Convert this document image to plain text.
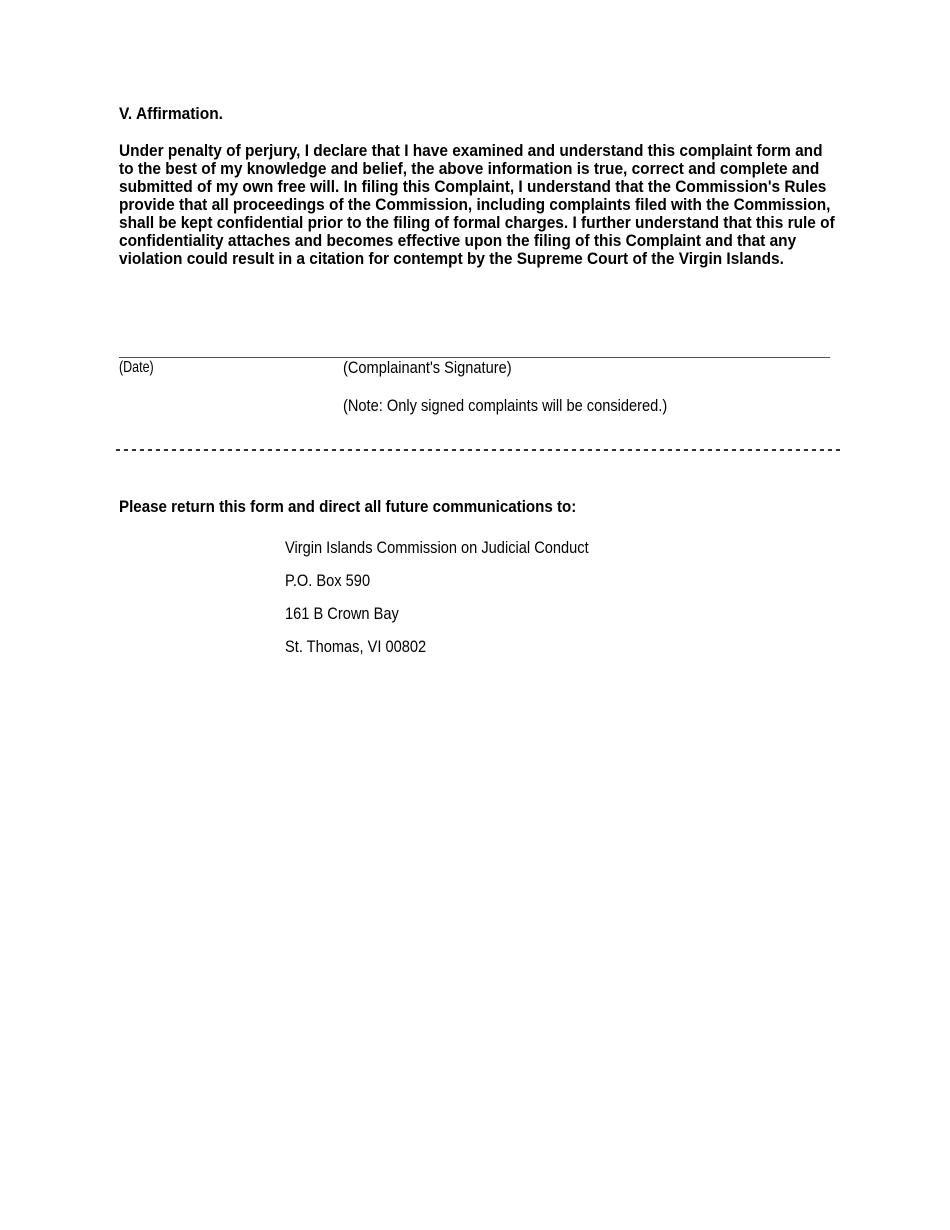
V. Affirmation.
Under penalty of perjury, I declare that I have examined and understand this complaint form and to the best of my knowledge and belief, the above information is true, correct and complete and submitted of my own free will. In filing this Complaint, I understand that the Commission's Rules provide that all proceedings of the Commission, including complaints filed with the Commission, shall be kept confidential prior to the filing of formal charges. I further understand that this rule of confidentiality attaches and becomes effective upon the filing of this Complaint and that any violation could result in a citation for contempt by the Supreme Court of the Virgin Islands.
(Date)	(Complainant's Signature)
(Note: Only signed complaints will be considered.)
Please return this form and direct all future communications to:
Virgin Islands Commission on Judicial Conduct
P.O. Box 590
161 B Crown Bay
St. Thomas, VI 00802
